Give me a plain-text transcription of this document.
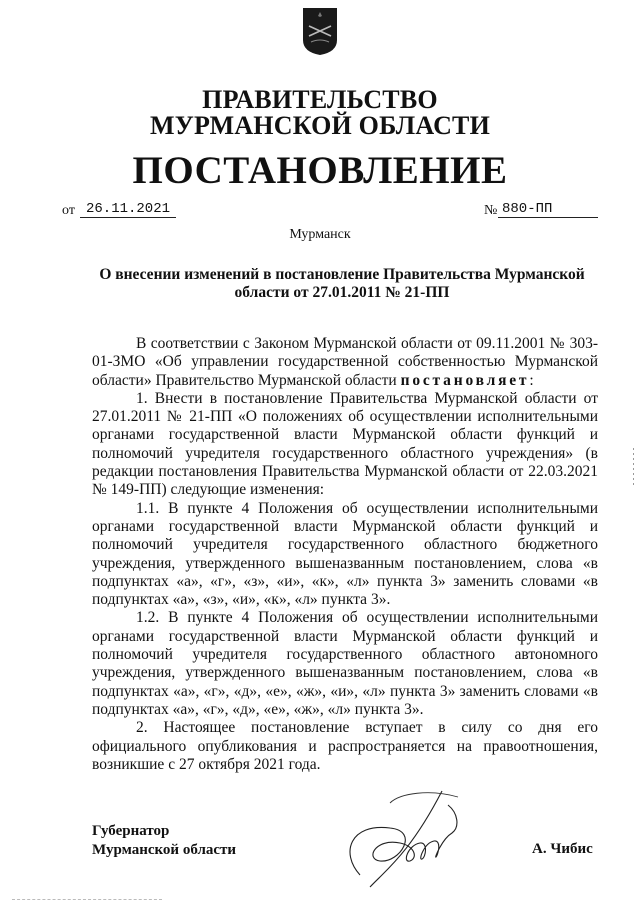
ПРАВИТЕЛЬСТВО
МУРМАНСКОЙ ОБЛАСТИ
ПОСТАНОВЛЕНИЕ
от 26.11.2021	№ 880-ПП
Мурманск
О внесении изменений в постановление Правительства Мурманской области от 27.01.2011 № 21-ПП

В соответствии с Законом Мурманской области от 09.11.2001 № 303-01-ЗМО «Об управлении государственной собственностью Мурманской области» Правительство Мурманской области постановляет:

1. Внести в постановление Правительства Мурманской области от 27.01.2011 № 21-ПП «О положениях об осуществлении исполнительными органами государственной власти Мурманской области функций и полномочий учредителя государственного областного учреждения» (в редакции постановления Правительства Мурманской области от 22.03.2021 № 149-ПП) следующие изменения:

1.1. В пункте 4 Положения об осуществлении исполнительными органами государственной власти Мурманской области функций и полномочий учредителя государственного областного бюджетного учреждения, утвержденного вышеназванным постановлением, слова «в подпунктах «а», «г», «з», «и», «к», «л» пункта 3» заменить словами «в подпунктах «а», «з», «и», «к», «л» пункта 3».

1.2. В пункте 4 Положения об осуществлении исполнительными органами государственной власти Мурманской области функций и полномочий учредителя государственного областного автономного учреждения, утвержденного вышеназванным постановлением, слова «в подпунктах «а», «г», «д», «е», «ж», «и», «л» пункта 3» заменить словами «в подпунктах «а», «г», «д», «е», «ж», «л» пункта 3».

2. Настоящее постановление вступает в силу со дня его официального опубликования и распространяется на правоотношения, возникшие с 27 октября 2021 года.

Губернатор
Мурманской области	А. Чибис
